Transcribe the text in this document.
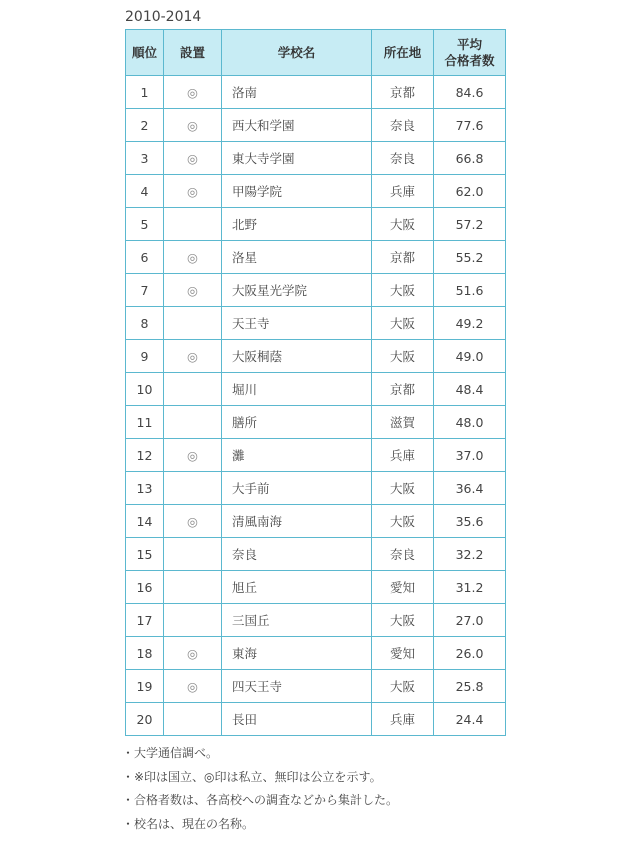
2010-2014
順位	設置	学校名	所在地	平均
合格者数
1	◎	洛南	京都	84.6
2	◎	西大和学園	奈良	77.6
3	◎	東大寺学園	奈良	66.8
4	◎	甲陽学院	兵庫	62.0
5		北野	大阪	57.2
6	◎	洛星	京都	55.2
7	◎	大阪星光学院	大阪	51.6
8		天王寺	大阪	49.2
9	◎	大阪桐蔭	大阪	49.0
10		堀川	京都	48.4
11		膳所	滋賀	48.0
12	◎	灘	兵庫	37.0
13		大手前	大阪	36.4
14	◎	清風南海	大阪	35.6
15		奈良	奈良	32.2
16		旭丘	愛知	31.2
17		三国丘	大阪	27.0
18	◎	東海	愛知	26.0
19	◎	四天王寺	大阪	25.8
20		長田	兵庫	24.4
・大学通信調べ。
・※印は国立、◎印は私立、無印は公立を示す。
・合格者数は、各高校への調査などから集計した。
・校名は、現在の名称。
